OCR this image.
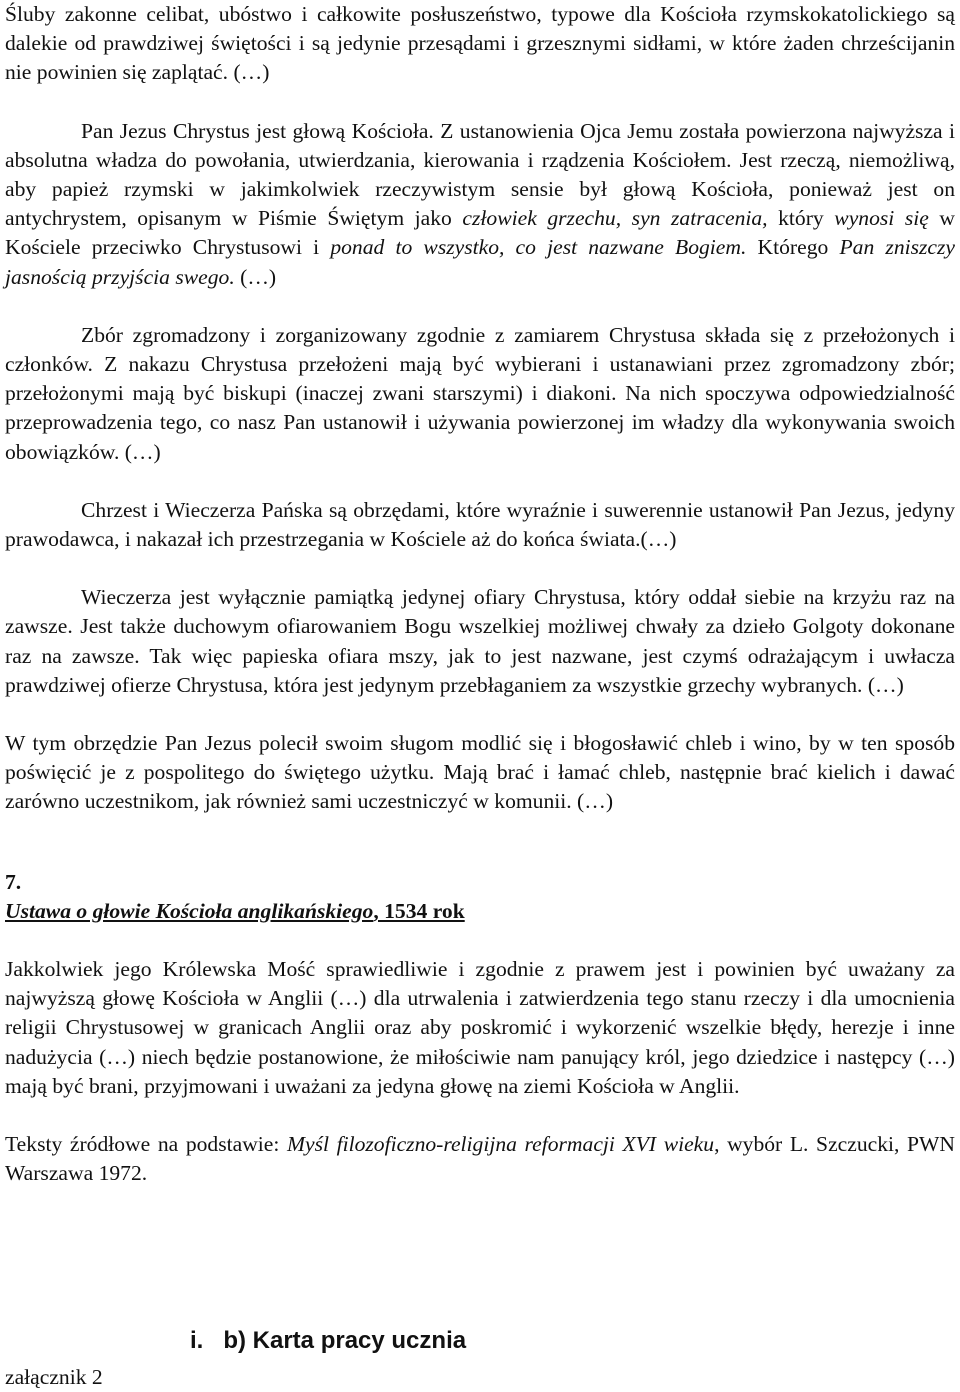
Śluby zakonne celibat, ubóstwo i całkowite posłuszeństwo, typowe dla Kościoła rzymskokatolickiego są dalekie od prawdziwej świętości i są jedynie przesądami i grzesznymi sidłami, w które żaden chrześcijanin nie powinien się zaplątać. (…)

Pan Jezus Chrystus jest głową Kościoła. Z ustanowienia Ojca Jemu została powierzona najwyższa i absolutna władza do powołania, utwierdzania, kierowania i rządzenia Kościołem. Jest rzeczą, niemożliwą, aby papież rzymski w jakimkolwiek rzeczywistym sensie był głową Kościoła, ponieważ jest on antychrystem, opisanym w Piśmie Świętym jako człowiek grzechu, syn zatracenia, który wynosi się w Kościele przeciwko Chrystusowi i ponad to wszystko, co jest nazwane Bogiem. Którego Pan zniszczy jasnością przyjścia swego. (…)

Zbór zgromadzony i zorganizowany zgodnie z zamiarem Chrystusa składa się z przełożonych i członków. Z nakazu Chrystusa przełożeni mają być wybierani i ustanawiani przez zgromadzony zbór; przełożonymi mają być biskupi (inaczej zwani starszymi) i diakoni. Na nich spoczywa odpowiedzialność przeprowadzenia tego, co nasz Pan ustanowił i używania powierzonej im władzy dla wykonywania swoich obowiązków. (…)

Chrzest i Wieczerza Pańska są obrzędami, które wyraźnie i suwerennie ustanowił Pan Jezus, jedyny prawodawca, i nakazał ich przestrzegania w Kościele aż do końca świata.(…)

Wieczerza jest wyłącznie pamiątką jedynej ofiary Chrystusa, który oddał siebie na krzyżu raz na zawsze. Jest także duchowym ofiarowaniem Bogu wszelkiej możliwej chwały za dzieło Golgoty dokonane raz na zawsze. Tak więc papieska ofiara mszy, jak to jest nazwane, jest czymś odrażającym i uwłacza prawdziwej ofierze Chrystusa, która jest jedynym przebłaganiem za wszystkie grzechy wybranych. (…)

W tym obrzędzie Pan Jezus polecił swoim sługom modlić się i błogosławić chleb i wino, by w ten sposób poświęcić je z pospolitego do świętego użytku. Mają brać i łamać chleb, następnie brać kielich i dawać zarówno uczestnikom, jak również sami uczestniczyć w komunii. (…)

7.

Ustawa o głowie Kościoła anglikańskiego, 1534 rok

Jakkolwiek jego Królewska Mość sprawiedliwie i zgodnie z prawem jest i powinien być uważany za najwyższą głowę Kościoła w Anglii (…) dla utrwalenia i zatwierdzenia tego stanu rzeczy i dla umocnienia religii Chrystusowej w granicach Anglii oraz aby poskromić i wykorzenić wszelkie błędy, herezje i inne nadużycia (…) niech będzie postanowione, że miłościwie nam panujący król, jego dziedzice i następcy (…) mają być brani, przyjmowani i uważani za jedyna głowę na ziemi Kościoła w Anglii.

Teksty źródłowe na podstawie: Myśl filozoficzno-religijna reformacji XVI wieku, wybór L. Szczucki, PWN Warszawa 1972.

i.   b) Karta pracy ucznia
załącznik 2
